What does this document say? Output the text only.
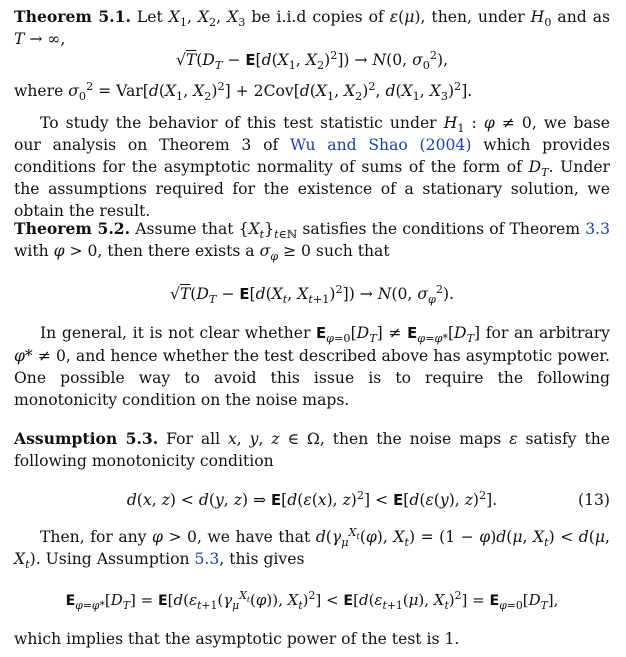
Theorem 5.1. Let $X_1$, $X_2$, $X_3$ be i.i.d copies of ε(μ), then, under $H_0$ and as T → ∞,
$√T(D_T - E[d(X_1$, $X_2)^2]) \to N(0$, $\sigma_0^2$),
where $\sigma_0^2 = Var[d(X_1$, $X_2)^2] + 2Cov[d(X_1$, $X_2)^2$, $d(X_1$, $X_3)^2$].
To study the behavior of this test statistic under $H_1$ : φ ≠ 0, we base our analysis on Theorem 3 of Wu and Shao (2004) which provides conditions for the asymptotic normality of sums of the form of $D_T$. Under the assumptions required for the existence of a stationary solution, we obtain the result.
Theorem 5.2. Assume that $\{X_t\}_{t\in ℕ}$ satisfies the conditions of Theorem 3.3 with φ > 0, then there exists a $\sigma_\varphi \ge 0$ such that
$√T(D_T - E[d(X_t$, $X_{t+1})^2]) \to N(0$, $\sigma_\varphi^2$).
In general, it is not clear whether $E_{\varphi=0}[D_T] \ne E_{\varphi=\varphi*}[D_T]$ for an arbitrary φ* ≠ 0, and hence whether the test described above has asymptotic power. One possible way to avoid this issue is to require the following monotonicity condition on the noise maps.
Assumption 5.3. For all x, y, z ∈ Ω, then the noise maps ε satisfy the following monotonicity condition
d(x, z) < d(y, z) ⇒ E[d(ε(x), z)$^2$] < E[d(ε(y), z)$^2$].	(13)
Then, for any φ > 0, we have that $d(\gamma_\mu^{X_t}(\varphi)$, $X_t) = (1 - \varphi)d(\mu$, $X_t) < d(\mu$, $X_t$). Using Assumption 5.3, this gives
$E_{\varphi=\varphi*}[D_T] = E[d(\varepsilon_{t+1}(\gamma_\mu^{X_t}(\varphi))$, $X_t)^2] < E[d(\varepsilon_{t+1}(\mu)$, $X_t)^2] = E_{\varphi=0}[D_T]$,
which implies that the asymptotic power of the test is 1.
